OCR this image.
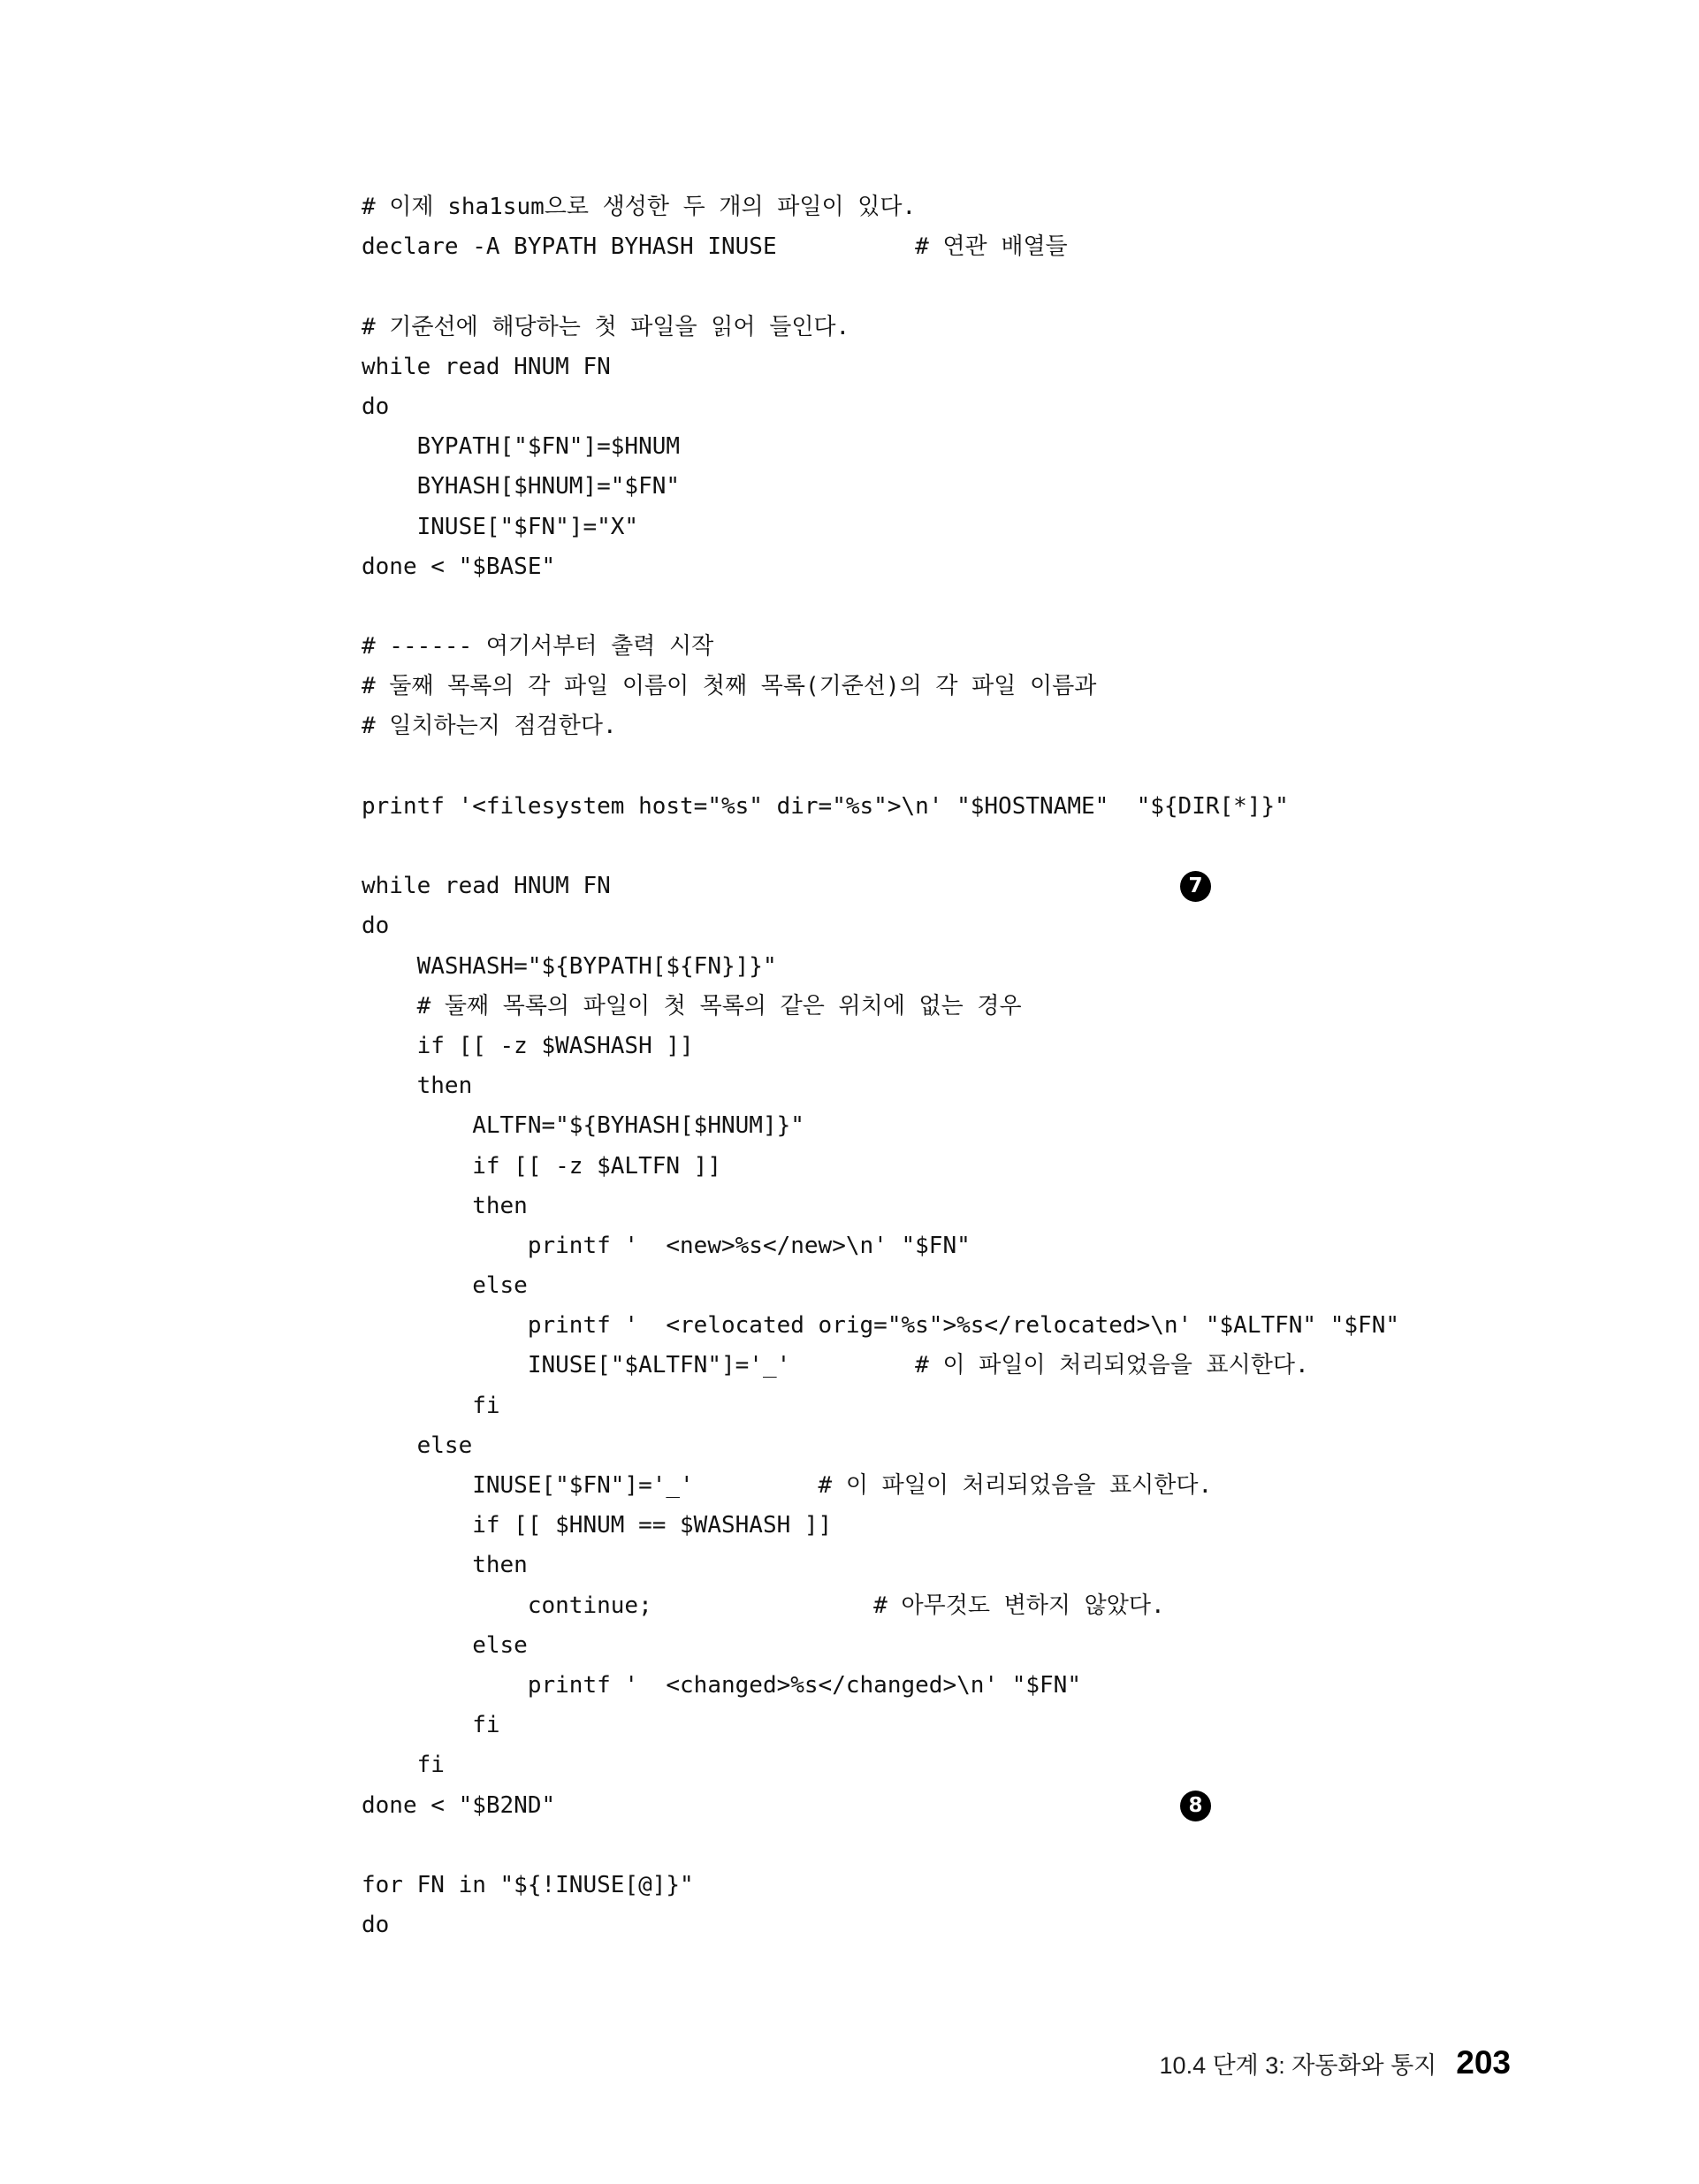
# 이제 sha1sum으로 생성한 두 개의 파일이 있다.
declare -A BYPATH BYHASH INUSE          # 연관 배열들
# 기준선에 해당하는 첫 파일을 읽어 들인다.
while read HNUM FN
do
BYPATH["$FN"]=$HNUM
BYHASH[$HNUM]="$FN"
INUSE["$FN"]="X"
done < "$BASE"
# ------ 여기서부터 출력 시작
# 둘째 목록의 각 파일 이름이 첫째 목록(기준선)의 각 파일 이름과
# 일치하는지 점검한다.
printf '<filesystem host="%s" dir="%s">\n' "$HOSTNAME"  "${DIR[*]}"
while read HNUM FN	7
do
WASHASH="${BYPATH[${FN}]}"
# 둘째 목록의 파일이 첫 목록의 같은 위치에 없는 경우
if [[ -z $WASHASH ]]
then
ALTFN="${BYHASH[$HNUM]}"
if [[ -z $ALTFN ]]
then
printf '  <new>%s</new>\n' "$FN"
else
printf '  <relocated orig="%s">%s</relocated>\n' "$ALTFN" "$FN"
INUSE["$ALTFN"]='_'         # 이 파일이 처리되었음을 표시한다.
fi
else
INUSE["$FN"]='_'         # 이 파일이 처리되었음을 표시한다.
if [[ $HNUM == $WASHASH ]]
then
continue;                # 아무것도 변하지 않았다.
else
printf '  <changed>%s</changed>\n' "$FN"
fi
fi
done < "$B2ND"	8
for FN in "${!INUSE[@]}"
do
10.4 단계 3: 자동화와 통지 203
